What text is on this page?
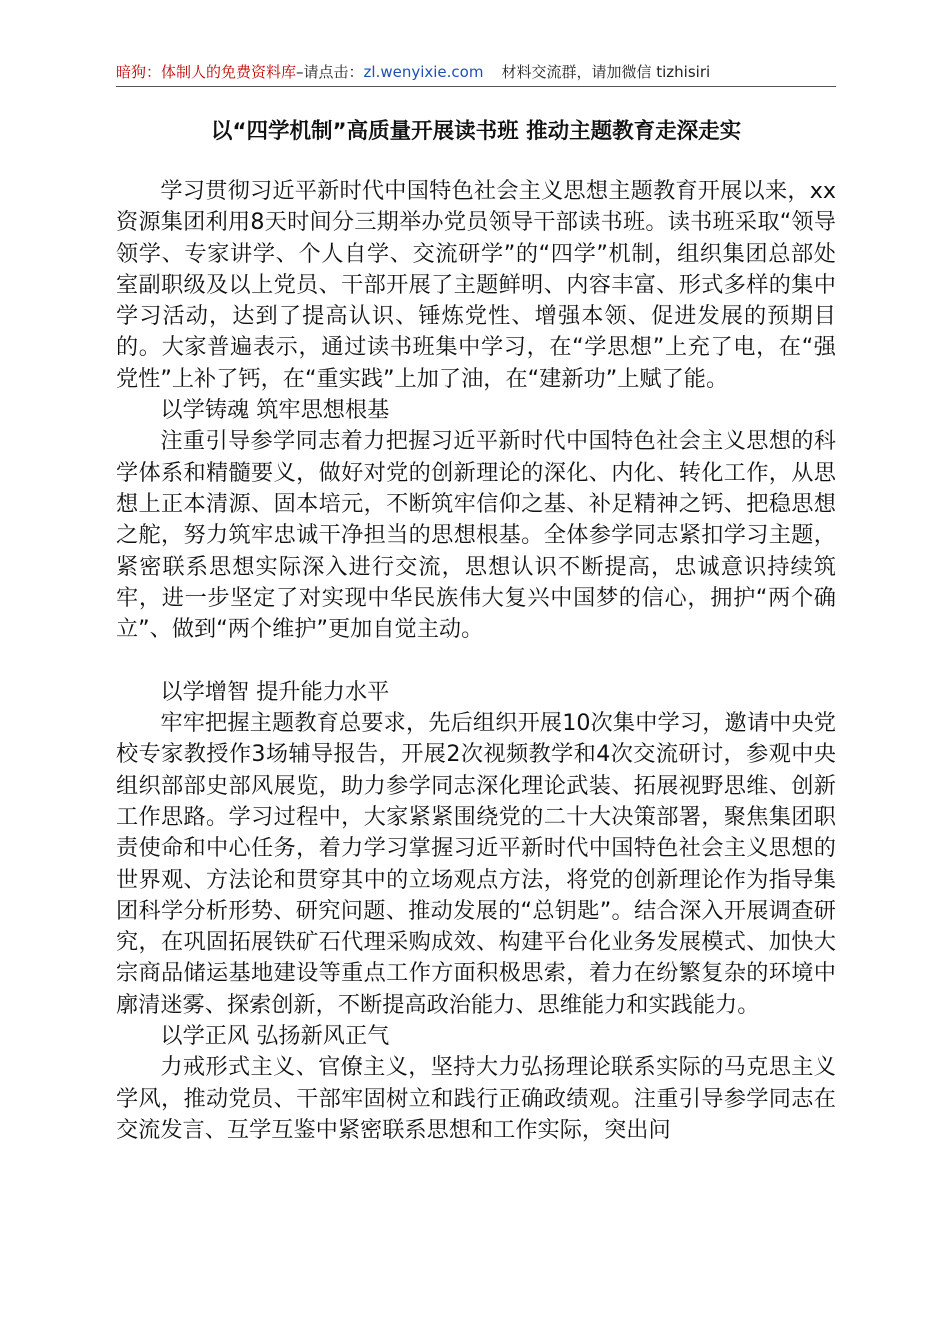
暗狗：体制人的免费资料库–请点击：zl.wenyixie.com 材料交流群，请加微信 tizhisiri
以“四学机制”高质量开展读书班 推动主题教育走深走实

学习贯彻习近平新时代中国特色社会主义思想主题教育开展以来，xx资源集团利用8天时间分三期举办党员领导干部读书班。读书班采取“领导领学、专家讲学、个人自学、交流研学”的“四学”机制，组织集团总部处室副职级及以上党员、干部开展了主题鲜明、内容丰富、形式多样的集中学习活动，达到了提高认识、锤炼党性、增强本领、促进发展的预期目的。大家普遍表示，通过读书班集中学习，在“学思想”上充了电，在“强党性”上补了钙，在“重实践”上加了油，在“建新功”上赋了能。

以学铸魂 筑牢思想根基

注重引导参学同志着力把握习近平新时代中国特色社会主义思想的科学体系和精髓要义，做好对党的创新理论的深化、内化、转化工作，从思想上正本清源、固本培元，不断筑牢信仰之基、补足精神之钙、把稳思想之舵，努力筑牢忠诚干净担当的思想根基。全体参学同志紧扣学习主题，紧密联系思想实际深入进行交流，思想认识不断提高，忠诚意识持续筑牢，进一步坚定了对实现中华民族伟大复兴中国梦的信心，拥护“两个确立”、做到“两个维护”更加自觉主动。

以学增智 提升能力水平

牢牢把握主题教育总要求，先后组织开展10次集中学习，邀请中央党校专家教授作3场辅导报告，开展2次视频教学和4次交流研讨，参观中央组织部部史部风展览，助力参学同志深化理论武装、拓展视野思维、创新工作思路。学习过程中，大家紧紧围绕党的二十大决策部署，聚焦集团职责使命和中心任务，着力学习掌握习近平新时代中国特色社会主义思想的世界观、方法论和贯穿其中的立场观点方法，将党的创新理论作为指导集团科学分析形势、研究问题、推动发展的“总钥匙”。结合深入开展调查研究，在巩固拓展铁矿石代理采购成效、构建平台化业务发展模式、加快大宗商品储运基地建设等重点工作方面积极思索，着力在纷繁复杂的环境中廓清迷雾、探索创新，不断提高政治能力、思维能力和实践能力。

以学正风 弘扬新风正气

力戒形式主义、官僚主义，坚持大力弘扬理论联系实际的马克思主义学风，推动党员、干部牢固树立和践行正确政绩观。注重引导参学同志在交流发言、互学互鉴中紧密联系思想和工作实际，突出问
